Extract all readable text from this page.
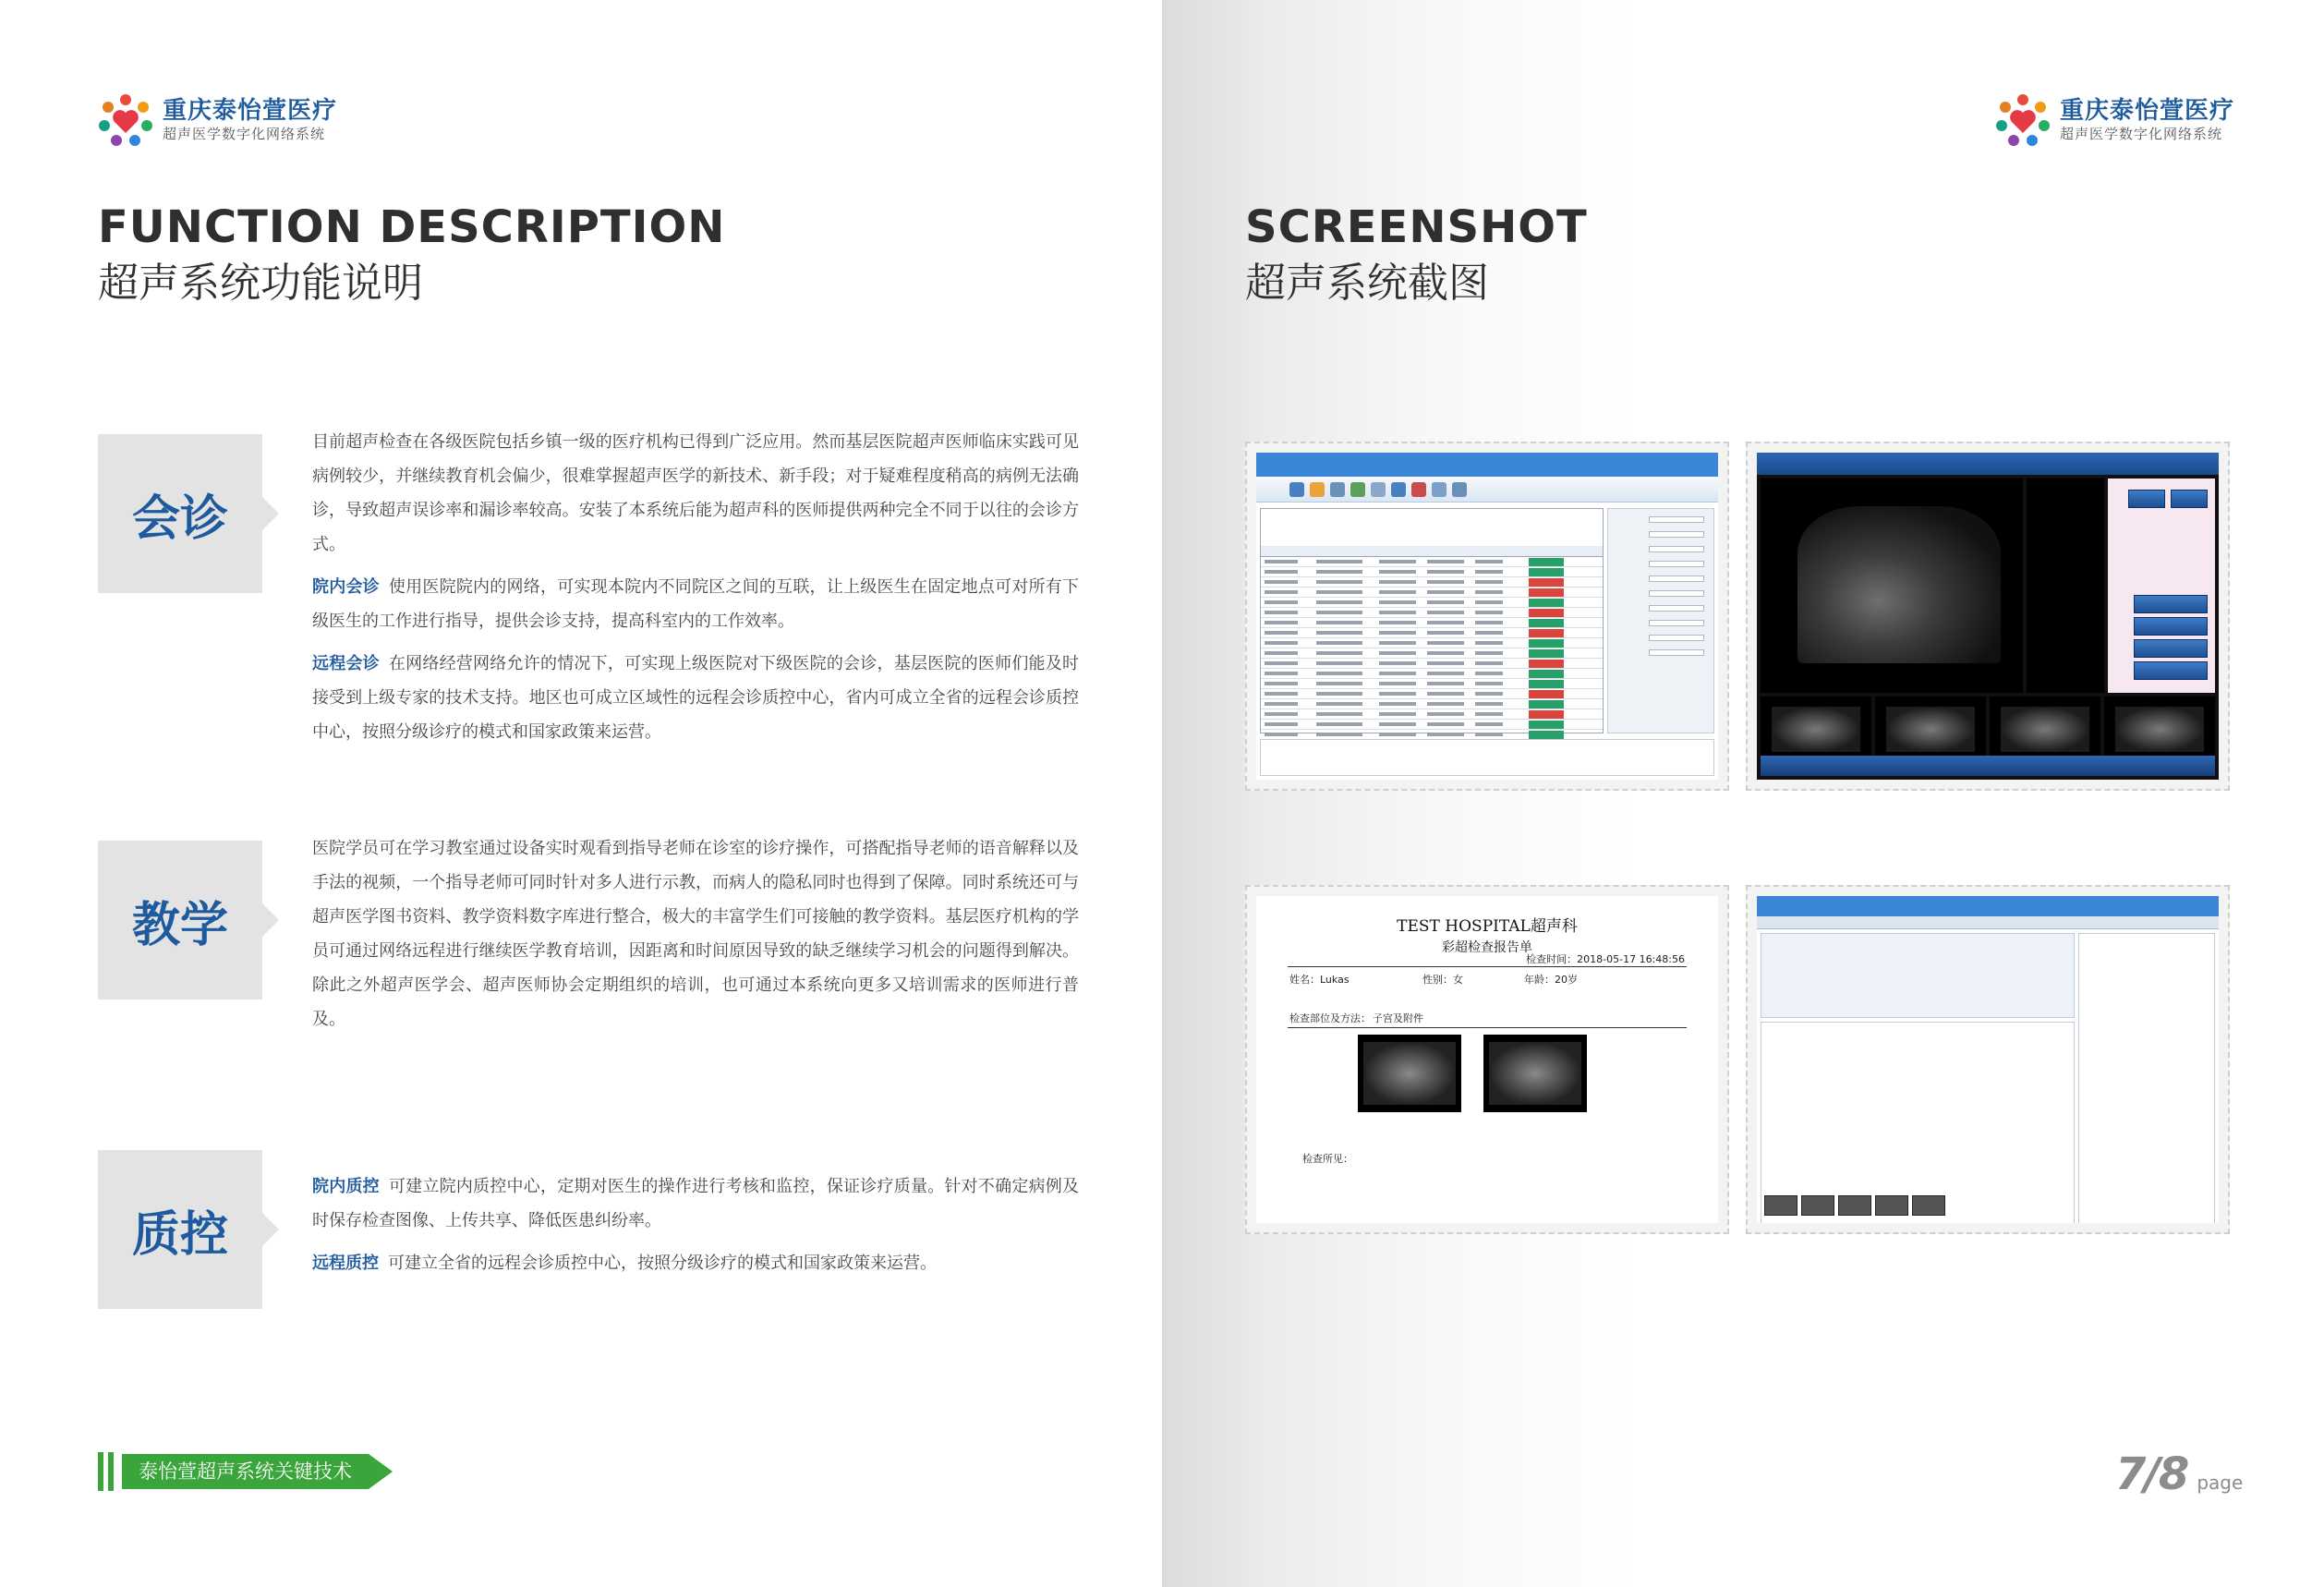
重庆泰怡萱医疗
超声医学数字化网络系统
FUNCTION DESCRIPTION
超声系统功能说明
会诊

目前超声检查在各级医院包括乡镇一级的医疗机构已得到广泛应用。然而基层医院超声医师临床实践可见病例较少，并继续教育机会偏少，很难掌握超声医学的新技术、新手段；对于疑难程度稍高的病例无法确诊，导致超声误诊率和漏诊率较高。安装了本系统后能为超声科的医师提供两种完全不同于以往的会诊方式。

院内会诊 使用医院院内的网络，可实现本院内不同院区之间的互联，让上级医生在固定地点可对所有下级医生的工作进行指导，提供会诊支持，提高科室内的工作效率。

远程会诊 在网络经营网络允许的情况下，可实现上级医院对下级医院的会诊，基层医院的医师们能及时接受到上级专家的技术支持。地区也可成立区域性的远程会诊质控中心，省内可成立全省的远程会诊质控中心，按照分级诊疗的模式和国家政策来运营。

教学

医院学员可在学习教室通过设备实时观看到指导老师在诊室的诊疗操作，可搭配指导老师的语音解释以及手法的视频，一个指导老师可同时针对多人进行示教，而病人的隐私同时也得到了保障。同时系统还可与超声医学图书资料、教学资料数字库进行整合，极大的丰富学生们可接触的教学资料。基层医疗机构的学员可通过网络远程进行继续医学教育培训，因距离和时间原因导致的缺乏继续学习机会的问题得到解决。除此之外超声医学会、超声医师协会定期组织的培训，也可通过本系统向更多又培训需求的医师进行普及。

质控

院内质控 可建立院内质控中心，定期对医生的操作进行考核和监控，保证诊疗质量。针对不确定病例及时保存检查图像、上传共享、降低医患纠纷率。

远程质控 可建立全省的远程会诊质控中心，按照分级诊疗的模式和国家政策来运营。

泰怡萱超声系统关键技术
重庆泰怡萱医疗
超声医学数字化网络系统
SCREENSHOT
超声系统截图
TEST HOSPITAL超声科
彩超检查报告单
检查时间：2018-05-17 16:48:56
姓名：Lukas	性别：女	年龄：20岁
检查部位及方法： 子宫及附件
检查所见：
7/8 page
